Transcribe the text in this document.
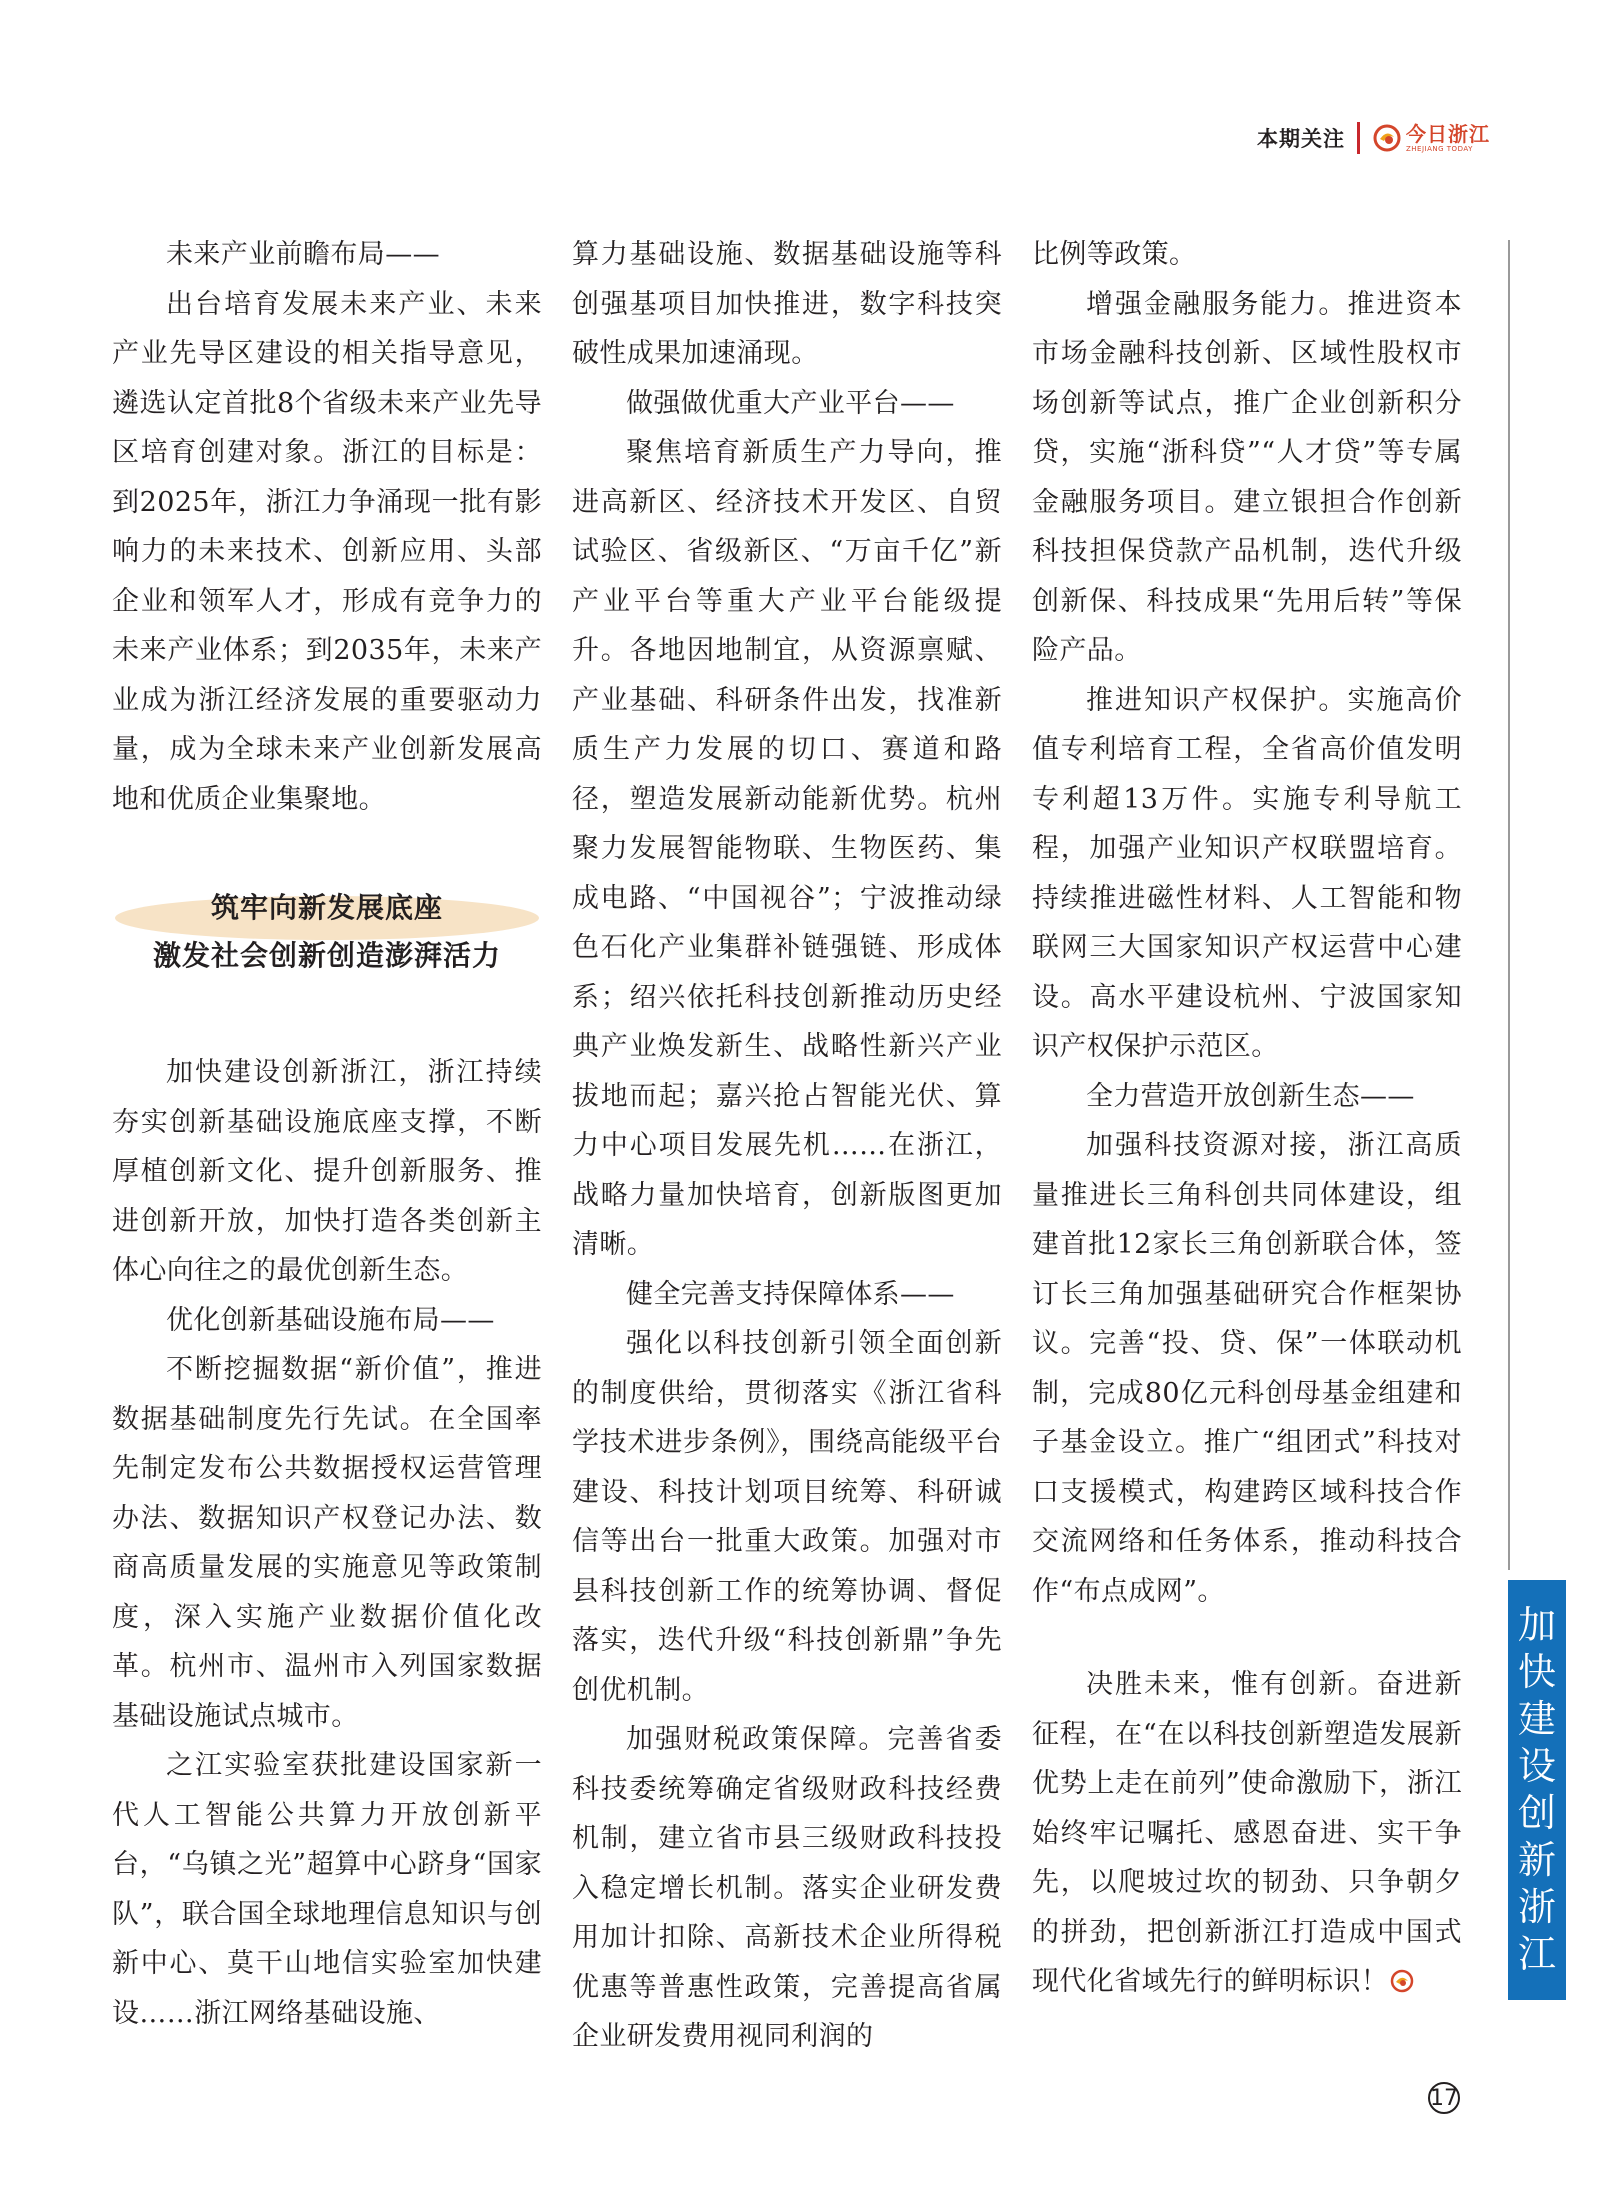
本期关注	今日浙江
ZHEJIANG TODAY

未来产业前瞻布局——

出台培育发展未来产业、未来产业先导区建设的相关指导意见，遴选认定首批8个省级未来产业先导区培育创建对象。浙江的目标是：到2025年，浙江力争涌现一批有影响力的未来技术、创新应用、头部企业和领军人才，形成有竞争力的未来产业体系；到2035年，未来产业成为浙江经济发展的重要驱动力量，成为全球未来产业创新发展高地和优质企业集聚地。

筑牢向新发展底座

激发社会创新创造澎湃活力

加快建设创新浙江，浙江持续夯实创新基础设施底座支撑，不断厚植创新文化、提升创新服务、推进创新开放，加快打造各类创新主体心向往之的最优创新生态。

优化创新基础设施布局——

不断挖掘数据“新价值”，推进数据基础制度先行先试。在全国率先制定发布公共数据授权运营管理办法、数据知识产权登记办法、数商高质量发展的实施意见等政策制度，深入实施产业数据价值化改革。杭州市、温州市入列国家数据基础设施试点城市。

之江实验室获批建设国家新一代人工智能公共算力开放创新平台，“乌镇之光”超算中心跻身“国家队”，联合国全球地理信息知识与创新中心、莫干山地信实验室加快建设……浙江网络基础设施、

算力基础设施、数据基础设施等科创强基项目加快推进，数字科技突破性成果加速涌现。

做强做优重大产业平台——

聚焦培育新质生产力导向，推进高新区、经济技术开发区、自贸试验区、省级新区、“万亩千亿”新产业平台等重大产业平台能级提升。各地因地制宜，从资源禀赋、产业基础、科研条件出发，找准新质生产力发展的切口、赛道和路径，塑造发展新动能新优势。杭州聚力发展智能物联、生物医药、集成电路、“中国视谷”；宁波推动绿色石化产业集群补链强链、形成体系；绍兴依托科技创新推动历史经典产业焕发新生、战略性新兴产业拔地而起；嘉兴抢占智能光伏、算力中心项目发展先机……在浙江，战略力量加快培育，创新版图更加清晰。

健全完善支持保障体系——

强化以科技创新引领全面创新的制度供给，贯彻落实《浙江省科学技术进步条例》，围绕高能级平台建设、科技计划项目统筹、科研诚信等出台一批重大政策。加强对市县科技创新工作的统筹协调、督促落实，迭代升级“科技创新鼎”争先创优机制。

加强财税政策保障。完善省委科技委统筹确定省级财政科技经费机制，建立省市县三级财政科技投入稳定增长机制。落实企业研发费用加计扣除、高新技术企业所得税优惠等普惠性政策，完善提高省属企业研发费用视同利润的

比例等政策。

增强金融服务能力。推进资本市场金融科技创新、区域性股权市场创新等试点，推广企业创新积分贷，实施“浙科贷”“人才贷”等专属金融服务项目。建立银担合作创新科技担保贷款产品机制，迭代升级创新保、科技成果“先用后转”等保险产品。

推进知识产权保护。实施高价值专利培育工程，全省高价值发明专利超13万件。实施专利导航工程，加强产业知识产权联盟培育。持续推进磁性材料、人工智能和物联网三大国家知识产权运营中心建设。高水平建设杭州、宁波国家知识产权保护示范区。

全力营造开放创新生态——

加强科技资源对接，浙江高质量推进长三角科创共同体建设，组建首批12家长三角创新联合体，签订长三角加强基础研究合作框架协议。完善“投、贷、保”一体联动机制，完成80亿元科创母基金组建和子基金设立。推广“组团式”科技对口支援模式，构建跨区域科技合作交流网络和任务体系，推动科技合作“布点成网”。

决胜未来，惟有创新。奋进新征程，在“在以科技创新塑造发展新优势上走在前列”使命激励下，浙江始终牢记嘱托、感恩奋进、实干争先，以爬坡过坎的韧劲、只争朝夕的拼劲，把创新浙江打造成中国式现代化省域先行的鲜明标识！

加
快
建
设
创
新
浙
江
17
